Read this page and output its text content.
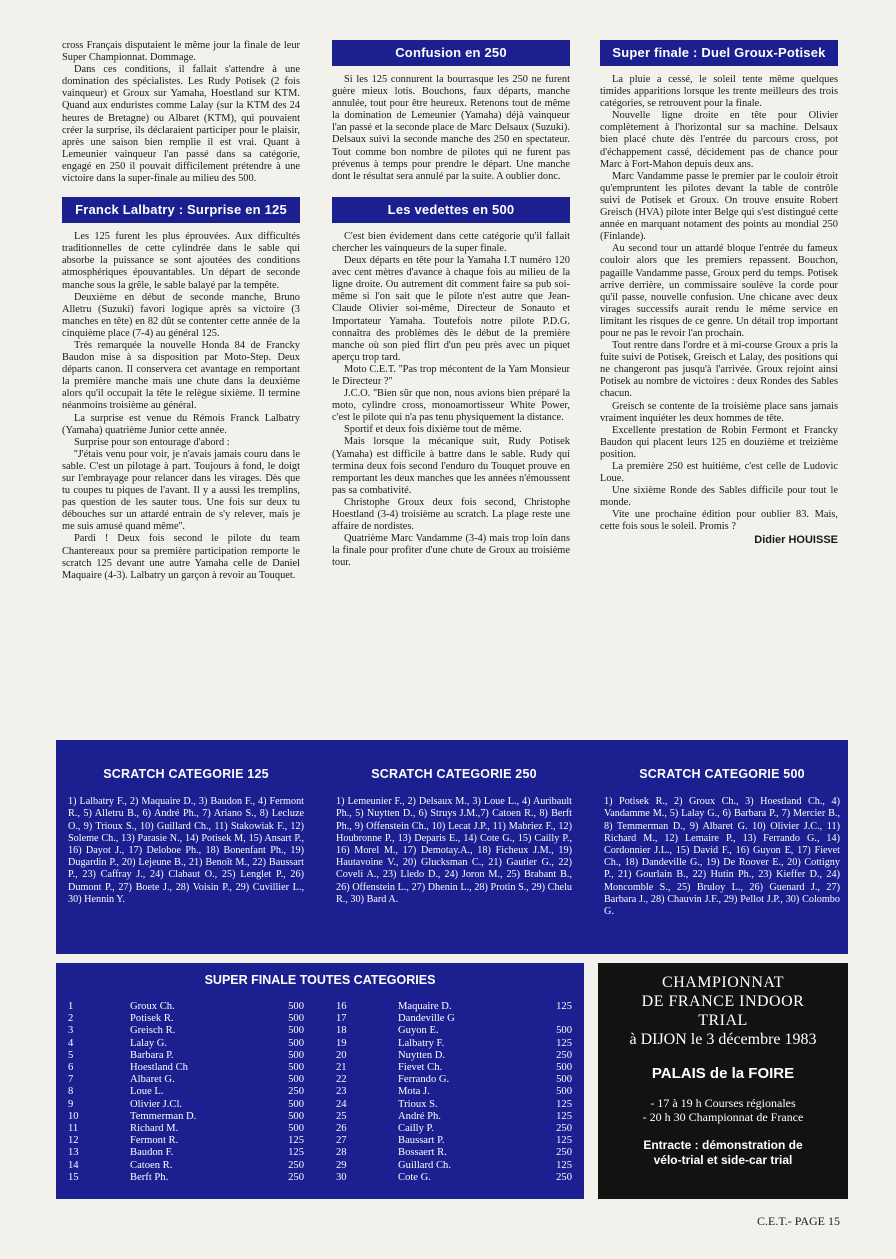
cross Français disputaient le même jour la finale de leur Super Championnat. Dommage.

Dans ces conditions, il fallait s'attendre à une domination des spécialistes. Les Rudy Potisek (2 fois vainqueur) et Groux sur Yamaha, Hoestland sur KTM. Quand aux enduristes comme Lalay (sur la KTM des 24 heures de Bretagne) ou Albaret (KTM), qui pouvaient créer la surprise, ils déclaraient participer pour le plaisir, après une saison bien remplie il est vrai. Quant à Lemeunier vainqueur l'an passé dans sa catégorie, engagé en 250 il pouvait difficilement prétendre à une victoire dans la super-finale au milieu des 500.

Franck Lalbatry : Surprise en 125

Les 125 furent les plus éprouvées. Aux difficultés traditionnelles de cette cylindrée dans le sable qui absorbe la puissance se sont ajoutées des conditions atmosphériques épouvantables. Un départ de seconde manche sous la grêle, le sable balayé par la tempête.

Deuxième en début de seconde manche, Bruno Alletru (Suzuki) favori logique après sa victoire (3 manches en tête) en 82 dût se contenter cette année de la cinquième place (7-4) au général 125.

Très remarquée la nouvelle Honda 84 de Francky Baudon mise à sa disposition par Moto-Step. Deux départs canon. Il conservera cet avantage en remportant la première manche mais une chute dans la deuxième alors qu'il occupait la tête le relègue sixième. Il termine néanmoins troisième au général.

La surprise est venue du Rémois Franck Lalbatry (Yamaha) quatrième Junior cette année.

Surprise pour son entourage d'abord :

''J'étais venu pour voir, je n'avais jamais couru dans le sable. C'est un pilotage à part. Toujours à fond, le doigt sur l'embrayage pour relancer dans les virages. Dès que tu coupes tu piques de l'avant. Il y a aussi les tremplins, pas question de les sauter tous. Une fois sur deux tu débouches sur un attardé entrain de s'y relever, mais je me suis amusé quand même''.

Pardi ! Deux fois second le pilote du team Chantereaux pour sa première participation remporte le scratch 125 devant une autre Yamaha celle de Daniel Maquaire (4-3). Lalbatry un garçon à revoir au Touquet.

Confusion en 250

Si les 125 connurent la bourrasque les 250 ne furent guère mieux lotis. Bouchons, faux départs, manche annulée, tout pour être heureux. Retenons tout de même la domination de Lemeunier (Yamaha) déjà vainqueur l'an passé et la seconde place de Marc Delsaux (Suzuki). Delsaux suivi la seconde manche des 250 en spectateur. Tout comme bon nombre de pilotes qui ne furent pas prévenus à temps pour prendre le départ. Une manche dont le résultat sera annulé par la suite. A oublier donc.

Les vedettes en 500

C'est bien évidement dans cette catégorie qu'il fallait chercher les vainqueurs de la super finale.

Deux départs en tête pour la Yamaha I.T numéro 120 avec cent mètres d'avance à chaque fois au milieu de la ligne droite. Ou autrement dit comment faire sa pub soi-même si l'on sait que le pilote n'est autre que Jean-Claude Olivier soi-même, Directeur de Sonauto et Importateur Yamaha. Toutefois notre pilote P.D.G. connaîtra des problèmes dès le début de la première manche où son pied flirt d'un peu près avec un piquet aperçu trop tard.

Moto C.E.T. ''Pas trop mécontent de la Yam Monsieur le Directeur ?''

J.C.O. ''Bien sûr que non, nous avions bien préparé la moto, cylindre cross, monoamortisseur White Power, c'est le pilote qui n'a pas tenu physiquement la distance.

Sportif et deux fois dixième tout de même.

Mais lorsque la mécanique suit, Rudy Potisek (Yamaha) est difficile à battre dans le sable. Rudy qui termina deux fois second l'enduro du Touquet prouve en remportant les deux manches que les années n'émoussent pas sa combativité.

Christophe Groux deux fois second, Christophe Hoestland (3-4) troisième au scratch. La plage reste une affaire de nordistes.

Quatrième Marc Vandamme (3-4) mais trop loin dans la finale pour profiter d'une chute de Groux au troisième tour.

Super finale : Duel Groux-Potisek

La pluie a cessé, le soleil tente même quelques timides apparitions lorsque les trente meilleurs des trois catégories, se retrouvent pour la finale.

Nouvelle ligne droite en tête pour Olivier complètement à l'horizontal sur sa machine. Delsaux bien placé chute dès l'entrée du parcours cross, pot d'échappement cassé, décidement pas de chance pour Marc à Fort-Mahon depuis deux ans.

Marc Vandamme passe le premier par le couloir étroit qu'empruntent les pilotes devant la table de contrôle suivi de Potisek et Groux. On trouve ensuite Robert Greisch (HVA) pilote inter Belge qui s'est distingué cette année en marquant notament des points au mondial 250 (Finlande).

Au second tour un attardé bloque l'entrée du fameux couloir alors que les premiers repassent. Bouchon, pagaille Vandamme passe, Groux perd du temps. Potisek arrive derrière, un commissaire soulève la corde pour qu'il passe, nouvelle confusion. Une chicane avec deux virages successifs aurait rendu le même service en limitant les risques de ce genre. Un détail trop important pour ne pas le revoir l'an prochain.

Tout rentre dans l'ordre et à mi-course Groux a pris la fuite suivi de Potisek, Greisch et Lalay, des positions qui ne changeront pas jusqu'à l'arrivée. Groux rejoint ainsi Potisek au nombre de victoires : deux Rondes des Sables chacun.

Greisch se contente de la troisième place sans jamais vraiment inquiéter les deux hommes de tête.

Excellente prestation de Robin Fermont et Francky Baudon qui placent leurs 125 en douzième et treizième position.

La première 250 est huitième, c'est celle de Ludovic Loue.

Une sixième Ronde des Sables difficile pour tout le monde.

Vite une prochaine édition pour oublier 83. Mais, cette fois sous le soleil. Promis ?

Didier HOUISSE

SCRATCH CATEGORIE 125
1) Lalbatry F., 2) Maquaire D., 3) Baudon F., 4) Fermont R., 5) Alletru B., 6) André Ph., 7) Ariano S., 8) Lecluze O., 9) Trioux S., 10) Guillard Ch., 11) Stakowiak F., 12) Soleme Ch., 13) Parasie N., 14) Potisek M, 15) Ansart P., 16) Dayot J., 17) Deloboe Ph., 18) Bonenfant Ph., 19) Dugardin P., 20) Lejeune B., 21) Benoît M., 22) Baussart P., 23) Caffray J., 24) Clabaut O., 25) Lenglet P., 26) Dumont P., 27) Boete J., 28) Voisin P., 29) Cuvillier L., 30) Hennin Y.
SCRATCH CATEGORIE 250
1) Lemeunier F., 2) Delsaux M., 3) Loue L., 4) Auribault Ph., 5) Nuytten D., 6) Struys J.M.,7) Catoen R., 8) Berft Ph., 9) Offenstein Ch., 10) Lecat J.P., 11) Mabriez F., 12) Houbronne P., 13) Deparis E., 14) Cote G., 15) Cailly P., 16) Morel M., 17) Demotay.A., 18) Ficheux J.M., 19) Hautavoine V., 20) Glucksman C., 21) Gautier G., 22) Coveli A., 23) Lledo D., 24) Joron M., 25) Brabant B., 26) Offenstein L., 27) Dhenin L., 28) Protin S., 29) Chelu R., 30) Bard A.
SCRATCH CATEGORIE 500
1) Potisek R., 2) Groux Ch., 3) Hoestland Ch., 4) Vandamme M., 5) Lalay G., 6) Barbara P., 7) Mercier B., 8) Temmerman D., 9) Albaret G. 10) Olivier J.C., 11) Richard M., 12) Lemaire P., 13) Ferrando G., 14) Cordonnier J.L., 15) David F., 16) Guyon E, 17) Fievet Ch., 18) Dandeville G., 19) De Roover E., 20) Cottigny P., 21) Gourlain B., 22) Hutin Ph., 23) Kieffer D., 24) Moncomble S., 25) Bruloy L., 26) Guenard J., 27) Barbara J., 28) Chauvin J.F., 29) Pellot J.P., 30) Colombo G.
SUPER FINALE TOUTES CATEGORIES
1	Groux Ch.	500
2	Potisek R.	500
3	Greisch R.	500
4	Lalay G.	500
5	Barbara P.	500
6	Hoestland Ch	500
7	Albaret G.	500
8	Loue L.	250
9	Olivier J.Cl.	500
10	Temmerman D.	500
11	Richard M.	500
12	Fermont R.	125
13	Baudon F.	125
14	Catoen R.	250
15	Berft Ph.	250
16	Maquaire D.	125
17	Dandeville G	
18	Guyon E.	500
19	Lalbatry F.	125
20	Nuytten D.	250
21	Fievet Ch.	500
22	Ferrando G.	500
23	Mota J.	500
24	Trioux S.	125
25	André Ph.	125
26	Cailly P.	250
27	Baussart P.	125
28	Bossaert R.	250
29	Guillard Ch.	125
30	Cote G.	250
CHAMPIONNAT
DE FRANCE INDOOR
TRIAL
à DIJON le 3 décembre 1983
PALAIS de la FOIRE
- 17 à 19 h Courses régionales
- 20 h 30 Championnat de France
Entracte : démonstration de
vélo-trial et side-car trial
C.E.T.- PAGE 15
